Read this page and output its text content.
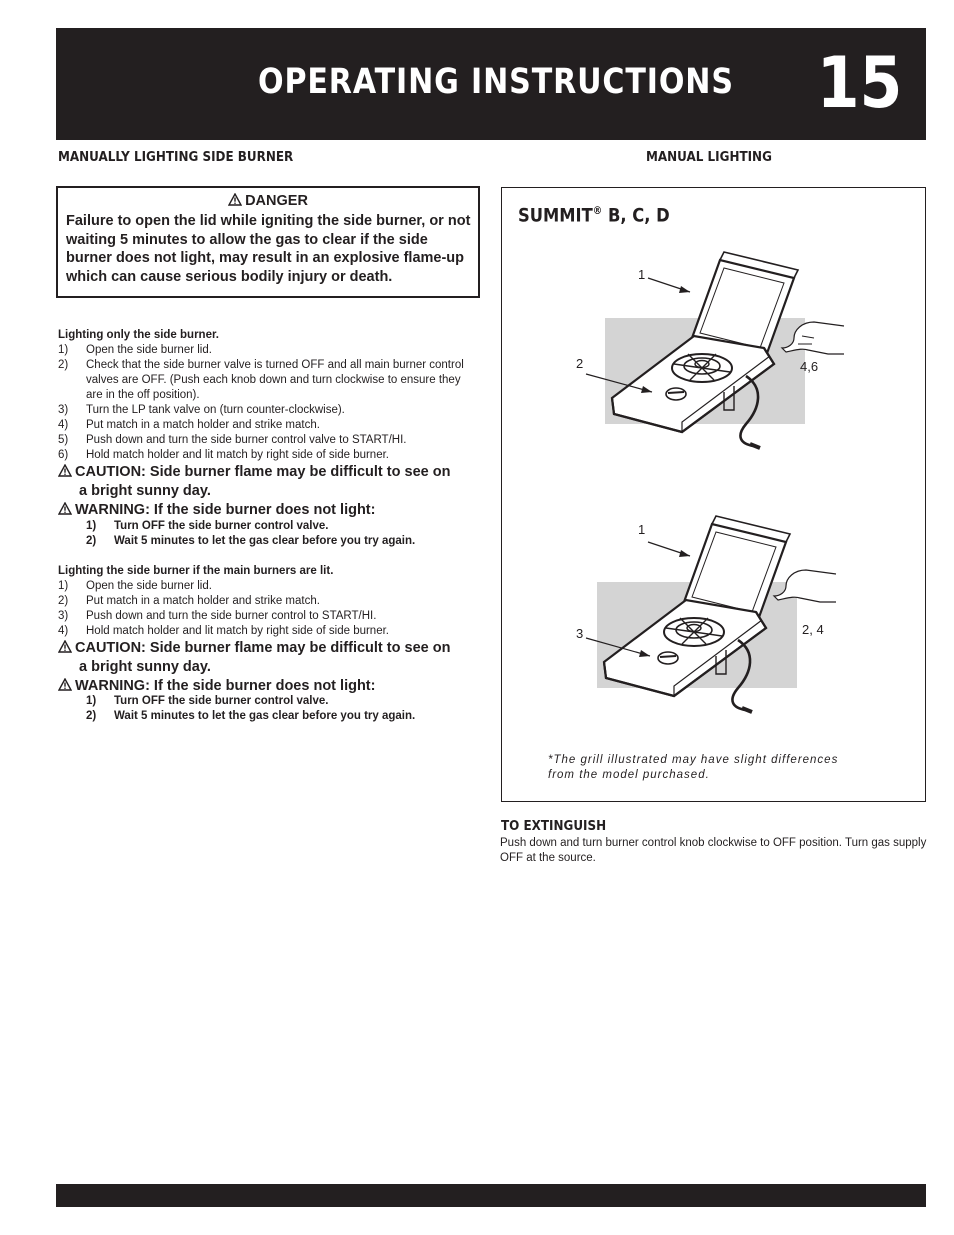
OPERATING INSTRUCTIONS 15
MANUALLY LIGHTING SIDE BURNER	MANUAL LIGHTING
DANGER
Failure to open the lid while igniting the side burner, or not waiting 5 minutes to allow the gas to clear if the side burner does not light, may result in an explosive flame-up which can cause serious bodily injury or death.
Lighting only the side burner.
1)	Open the side burner lid.
2)	Check that the side burner valve is turned OFF and all main burner control valves are OFF. (Push each knob down and turn clockwise to ensure they are in the off position).
3)	Turn the LP tank valve on (turn counter-clockwise).
4)	Put match in a match holder and strike match.
5)	Push down and turn the side burner control valve to START/HI.
6)	Hold match holder and lit match by right side of side burner.
CAUTION: Side burner flame may be difficult to see on
a bright sunny day.
WARNING: If the side burner does not light:
1)	Turn OFF the side burner control valve.
2)	Wait 5 minutes to let the gas clear before you try again.
Lighting the side burner if the main burners are lit.
1)	Open the side burner lid.
2)	Put match in a match holder and strike match.
3)	Push down and turn the side burner control to START/HI.
4)	Hold match holder and lit match by right side of side burner.
CAUTION: Side burner flame may be difficult to see on
a bright sunny day.
WARNING: If the side burner does not light:
1)	Turn OFF the side burner control valve.
2)	Wait 5 minutes to let the gas clear before you try again.
SUMMIT® B, C, D
1
2	4,6
1
3	2, 4
*The grill illustrated may have slight differences
from the model purchased.
TO EXTINGUISH
Push down and turn burner control knob clockwise to OFF position. Turn gas supply OFF at the source.
